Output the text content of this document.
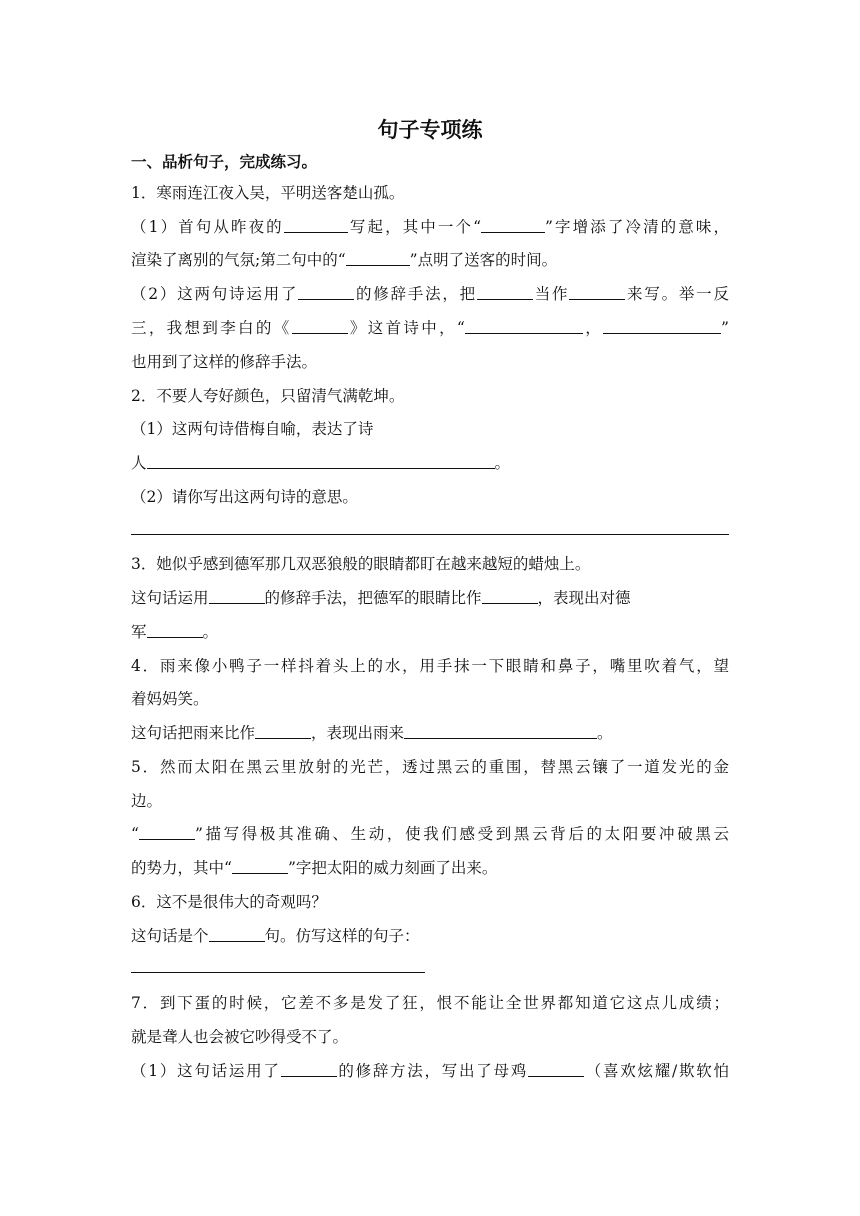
句子专项练
一、品析句子，完成练习。
1．寒雨连江夜入吴，平明送客楚山孤。
（1）首句从昨夜的	写起，其中一个“	”字增添了冷清的意味，
渲染了离别的气氛;第二句中的“	”点明了送客的时间。
（2）这两句诗运用了	的修辞手法，把	当作	来写。举一反
三，我想到李白的《	》这首诗中，“	，	”
也用到了这样的修辞手法。
2．不要人夸好颜色，只留清气满乾坤。
（1）这两句诗借梅自喻，表达了诗
人	。
（2）请你写出这两句诗的意思。
3．她似乎感到德军那几双恶狼般的眼睛都盯在越来越短的蜡烛上。
这句话运用	的修辞手法，把德军的眼睛比作	，表现出对德
军	。
4．雨来像小鸭子一样抖着头上的水，用手抹一下眼睛和鼻子，嘴里吹着气，望
着妈妈笑。
这句话把雨来比作	，表现出雨来	。
5．然而太阳在黑云里放射的光芒，透过黑云的重围，替黑云镶了一道发光的金
边。
“	”描写得极其准确、生动，使我们感受到黑云背后的太阳要冲破黑云
的势力，其中“	”字把太阳的威力刻画了出来。
6．这不是很伟大的奇观吗？
这句话是个	句。仿写这样的句子：
7．到下蛋的时候，它差不多是发了狂，恨不能让全世界都知道它这点儿成绩；
就是聋人也会被它吵得受不了。
（1）这句话运用了	的修辞方法，写出了母鸡	（喜欢炫耀/欺软怕
